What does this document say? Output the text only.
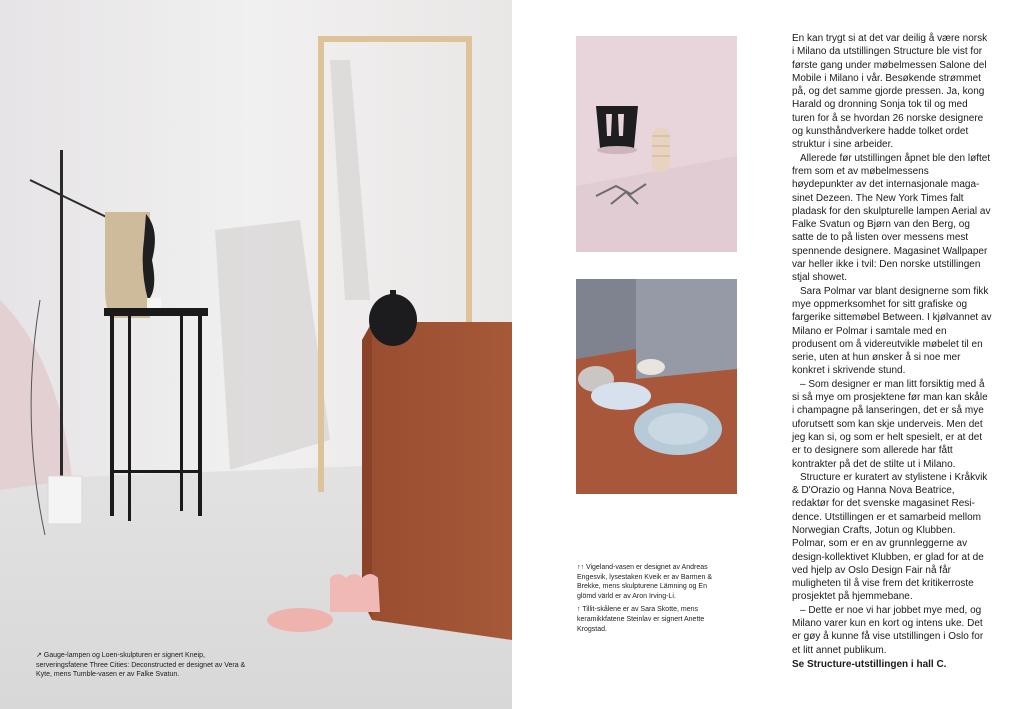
↗ Gauge-lampen og Loen-skulpturen er signert Kneip, serveringsfatene Three Cities: Deconstructed er designet av Vera & Kyte, mens Tumble-vasen er av Falke Svatun.

↑↑ Vigeland-vasen er designet av Andreas Engesvik, lysestaken Kveik er av Barmen & Brekke, mens skulpturene Lämning og En glömd värld er av Aron Irving-Li.

↑ Tillit-skålene er av Sara Skotte, mens keramikkfatene Steinlav er signert Anette Krogstad.

En kan trygt si at det var deilig å være norsk i Milano da utstillingen Structure ble vist for første gang under møbelmessen Salone del Mobile i Milano i vår. Besøkende strømmet på, og det samme gjorde pressen. Ja, kong Harald og dronning Sonja tok til og med turen for å se hvordan 26 norske designere og kunsthåndverkere hadde tolket ordet struktur i sine arbeider.

Allerede før utstillingen åpnet ble den løftet frem som et av møbelmessens høydepunkter av det internasjonale maga-sinet Dezeen. The New York Times falt pladask for den skulpturelle lampen Aerial av Falke Svatun og Bjørn van den Berg, og satte de to på listen over messens mest spennende designere. Magasinet Wallpaper var heller ikke i tvil: Den norske utstillingen stjal showet.

Sara Polmar var blant designerne som fikk mye oppmerksomhet for sitt grafiske og fargerike sittemøbel Between. I kjølvannet av Milano er Polmar i samtale med en produsent om å videreutvikle møbelet til en serie, uten at hun ønsker å si noe mer konkret i skrivende stund.

– Som designer er man litt forsiktig med å si så mye om prosjektene før man kan skåle i champagne på lanseringen, det er så mye uforutsett som kan skje underveis. Men det jeg kan si, og som er helt spesielt, er at det er to designere som allerede har fått kontrakter på det de stilte ut i Milano.

Structure er kuratert av stylistene i Kråkvik & D'Orazio og Hanna Nova Beatrice, redaktør for det svenske magasinet Resi-dence. Utstillingen er et samarbeid mellom Norwegian Crafts, Jotun og Klubben. Polmar, som er en av grunnleggerne av design-kollektivet Klubben, er glad for at de ved hjelp av Oslo Design Fair nå får muligheten til å vise frem det kritikerroste prosjektet på hjemmebane.

– Dette er noe vi har jobbet mye med, og Milano varer kun en kort og intens uke. Det er gøy å kunne få vise utstillingen i Oslo for et litt annet publikum.

Se Structure-utstillingen i hall C.
